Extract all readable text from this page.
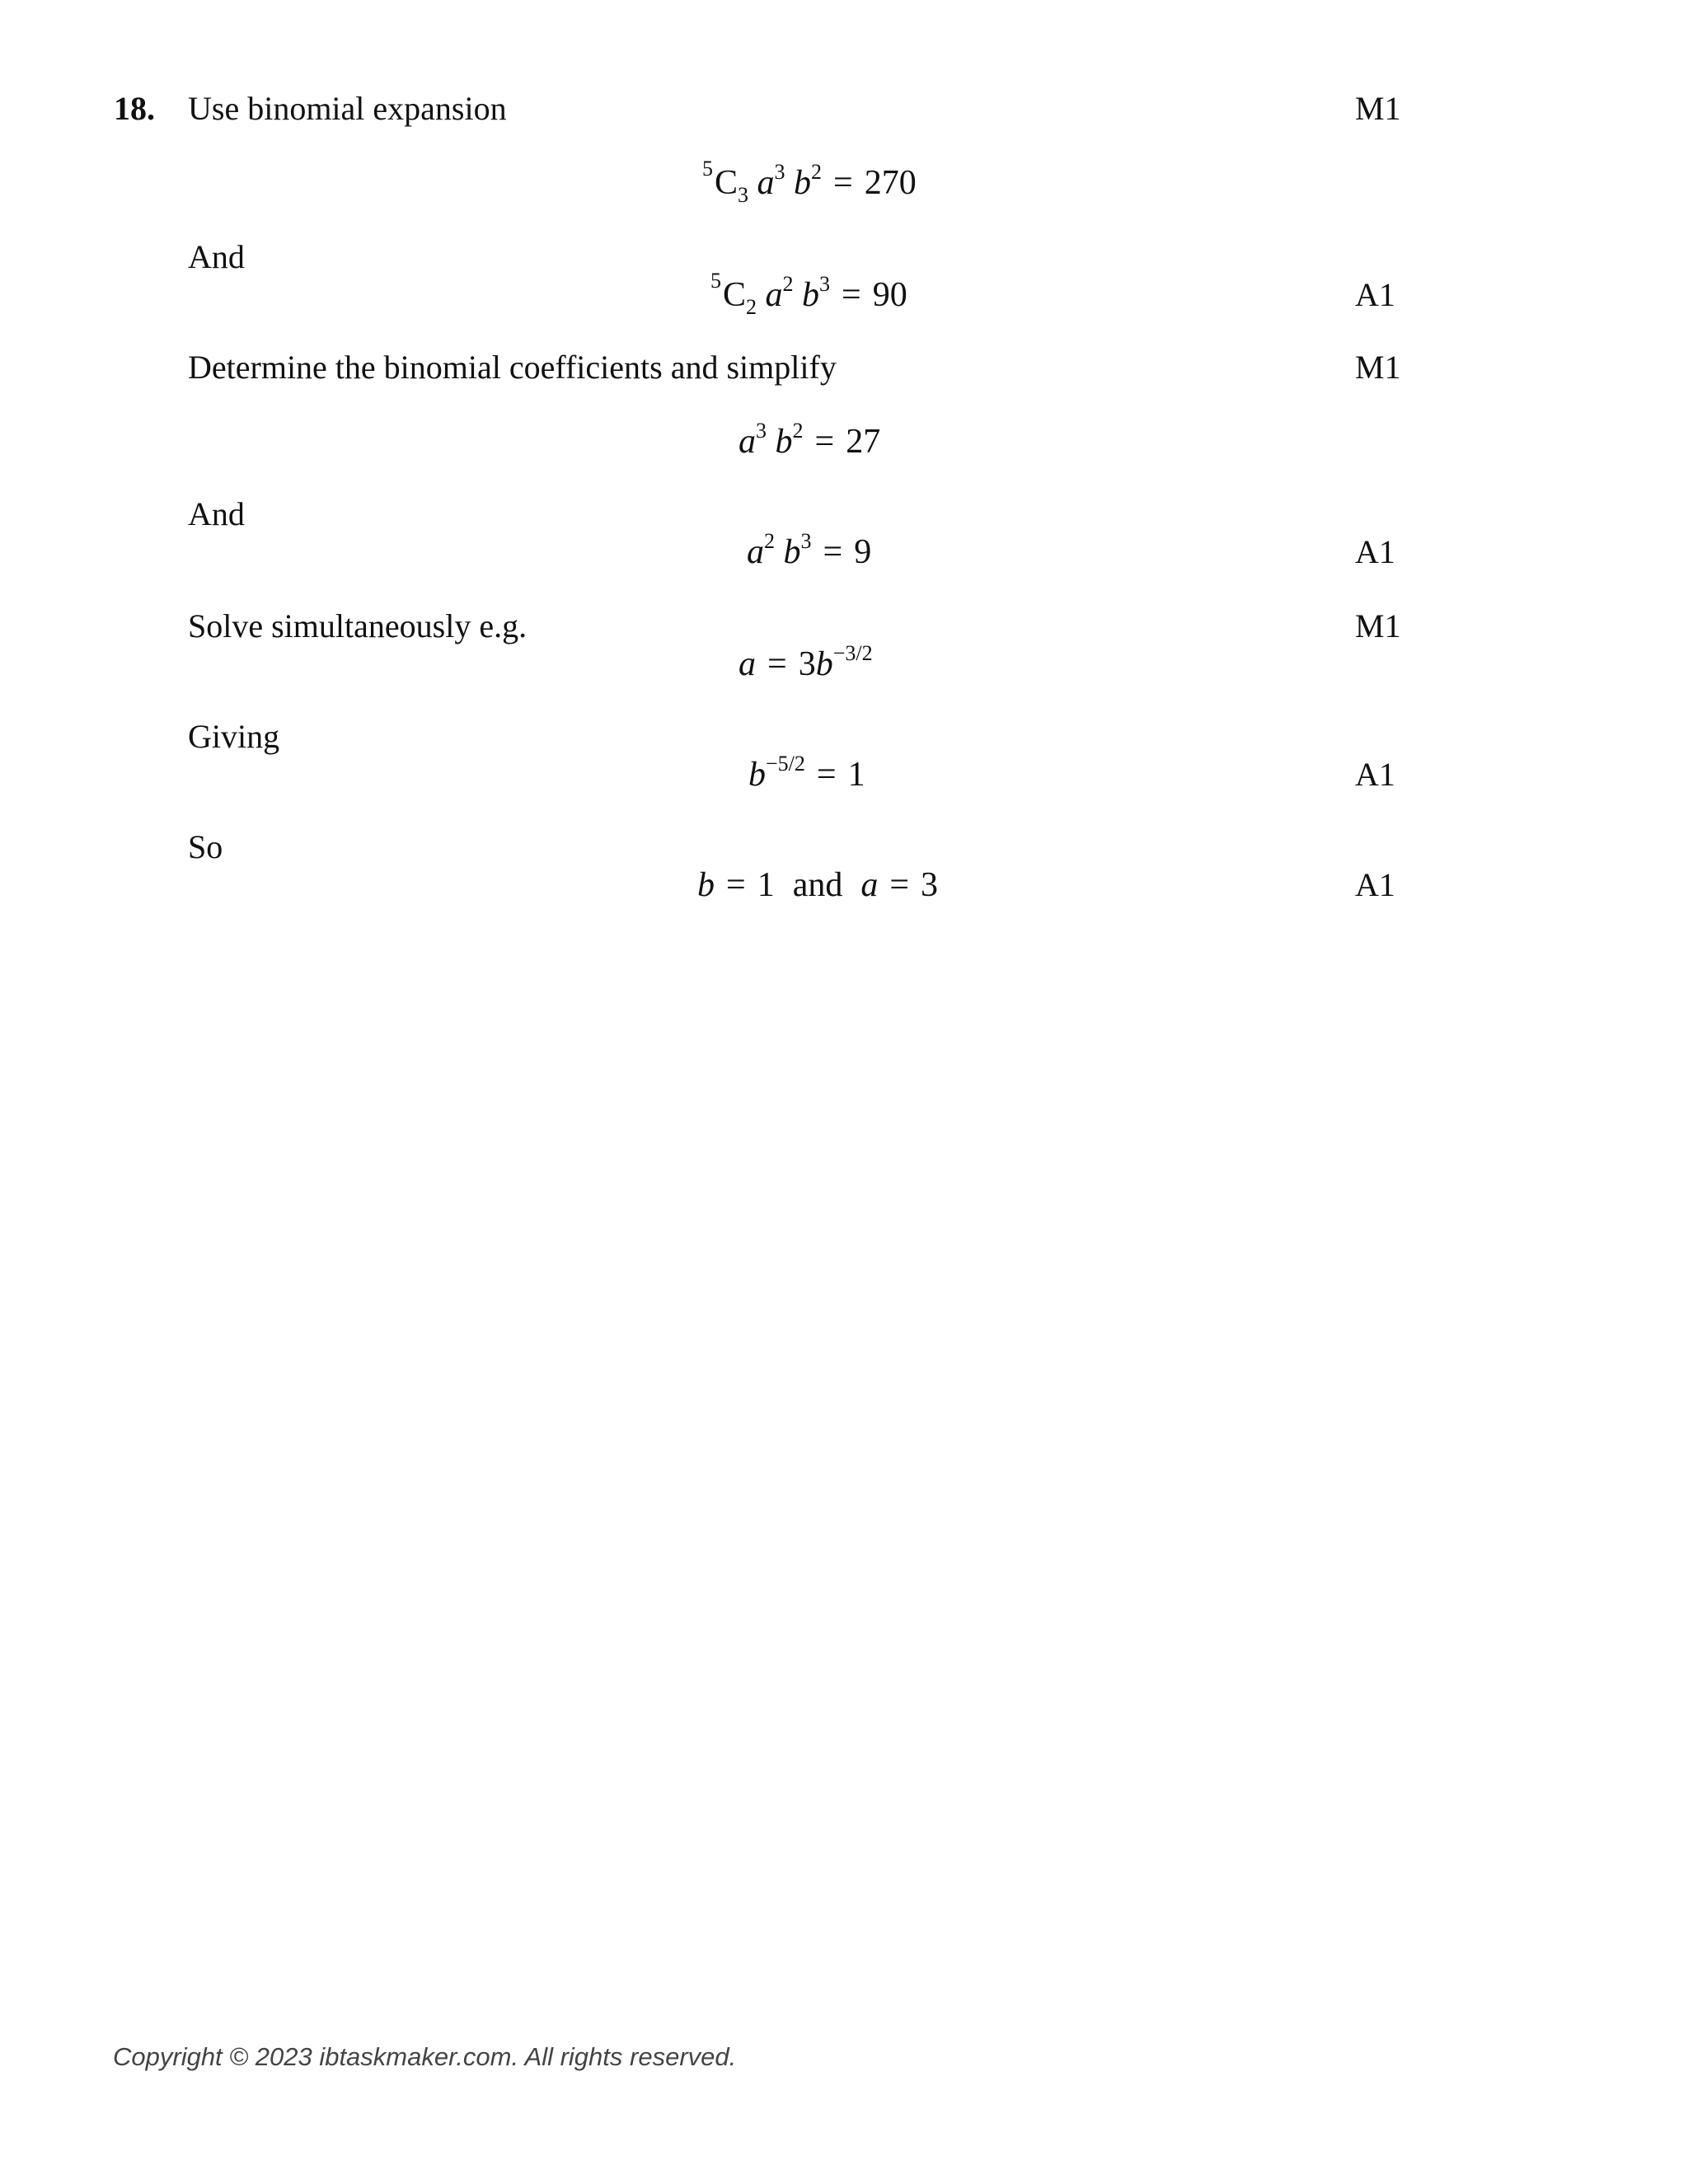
18. Use binomial expansion
And
Determine the binomial coefficients and simplify
And
Solve simultaneously e.g.
Giving
So
M1
A1
M1
A1
M1
A1
A1
$^5C_3$ $a^3$ $b^2 = 270$
$^5C_2$ $a^2$ $b^3 = 90$
$a^3$ $b^2 = 27$
$a^2$ $b^3 = 9$
$a = 3b^{-3/2}$
$b^{-5/2} = 1$
b = 1 and a = 3
Copyright © 2023 ibtaskmaker.com. All rights reserved.
